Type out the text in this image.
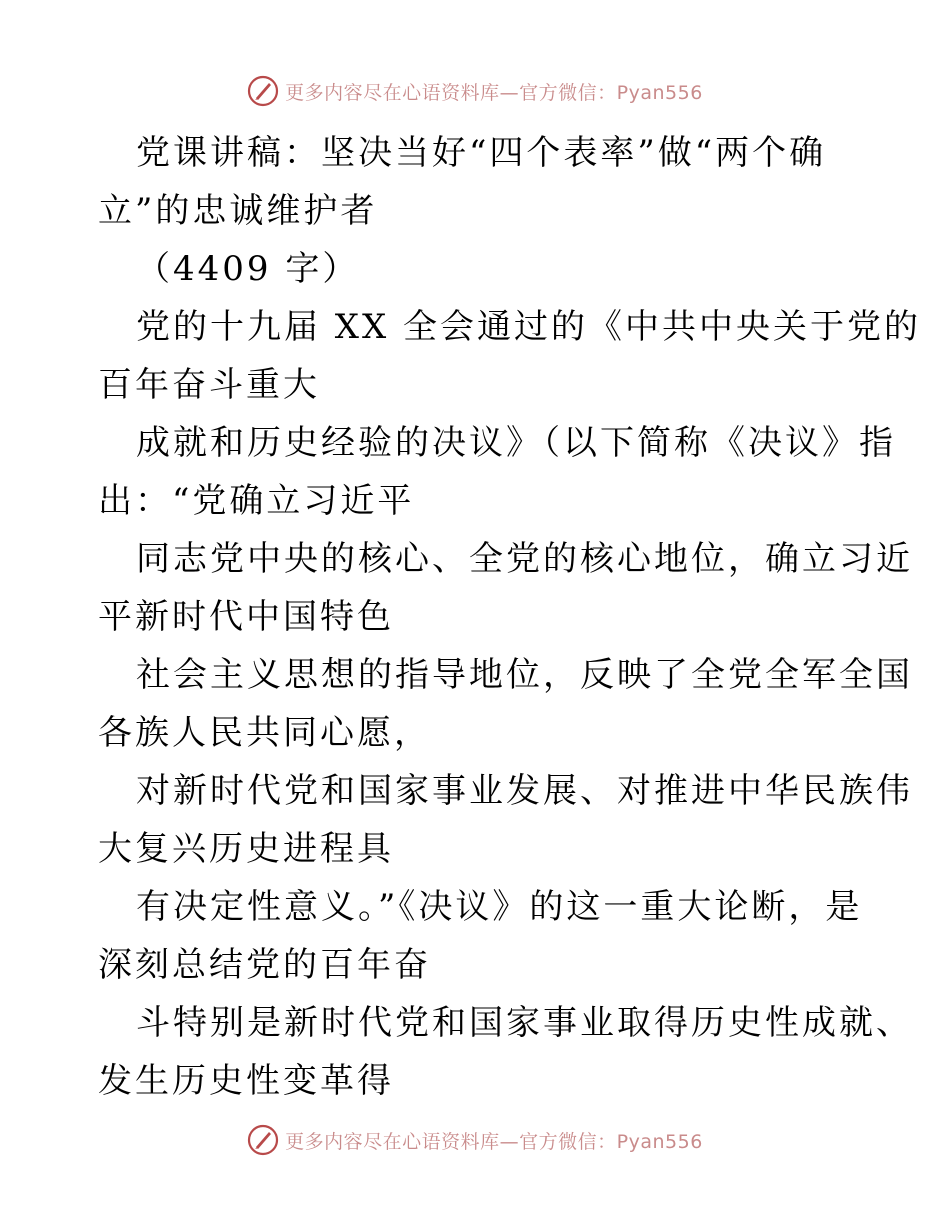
更多内容尽在心语资料库—官方微信：Pyan556
党课讲稿：坚决当好“四个表率”做“两个确
立”的忠诚维护者
（4409 字）
党的十九届 XX 全会通过的《中共中央关于党的
百年奋斗重大
成就和历史经验的决议》（以下简称《决议》指
出：“党确立习近平
同志党中央的核心、全党的核心地位，确立习近
平新时代中国特色
社会主义思想的指导地位，反映了全党全军全国
各族人民共同心愿，
对新时代党和国家事业发展、对推进中华民族伟
大复兴历史进程具
有决定性意义。”《决议》的这一重大论断，是
深刻总结党的百年奋
斗特别是新时代党和国家事业取得历史性成就、
发生历史性变革得
更多内容尽在心语资料库—官方微信：Pyan556
